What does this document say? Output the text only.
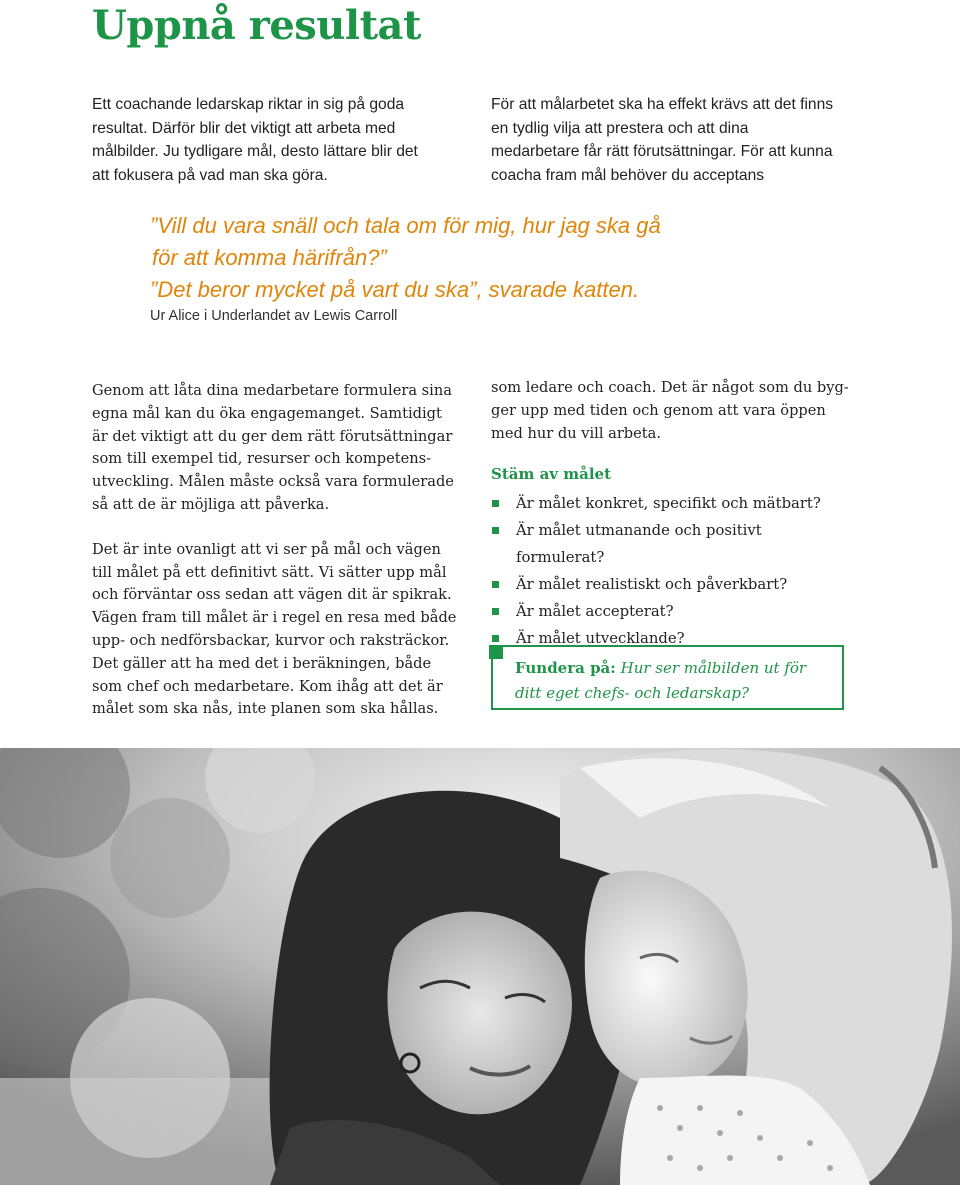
Uppnå resultat

Ett coachande ledarskap riktar in sig på goda resultat. Därför blir det viktigt att arbeta med målbilder. Ju tydligare mål, desto lättare blir det att fokusera på vad man ska göra.

För att målarbetet ska ha effekt krävs att det finns en tydlig vilja att prestera och att dina medarbetare får rätt förutsättningar. För att kunna coacha fram mål behöver du acceptans

”Vill du vara snäll och tala om för mig, hur jag ska gå
för att komma härifrån?”
”Det beror mycket på vart du ska”, svarade katten.
Ur Alice i Underlandet av Lewis Carroll

Genom att låta dina medarbetare formulera sina egna mål kan du öka engagemanget. Samtidigt är det viktigt att du ger dem rätt förutsättningar som till exempel tid, resurser och kompetens-utveckling. Målen måste också vara formulerade så att de är möjliga att påverka.

Det är inte ovanligt att vi ser på mål och vägen till målet på ett definitivt sätt. Vi sätter upp mål och förväntar oss sedan att vägen dit är spikrak. Vägen fram till målet är i regel en resa med både upp- och nedförsbackar, kurvor och raksträckor. Det gäller att ha med det i beräkningen, både som chef och medarbetare. Kom ihåg att det är målet som ska nås, inte planen som ska hållas.

som ledare och coach. Det är något som du byg-ger upp med tiden och genom att vara öppen med hur du vill arbeta.

Stäm av målet
Är målet konkret, specifikt och mätbart?
Är målet utmanande och positivt formulerat?
Är målet realistiskt och påverkbart?
Är målet accepterat?
Är målet utvecklande?
Fundera på: Hur ser målbilden ut för ditt eget chefs- och ledarskap?
